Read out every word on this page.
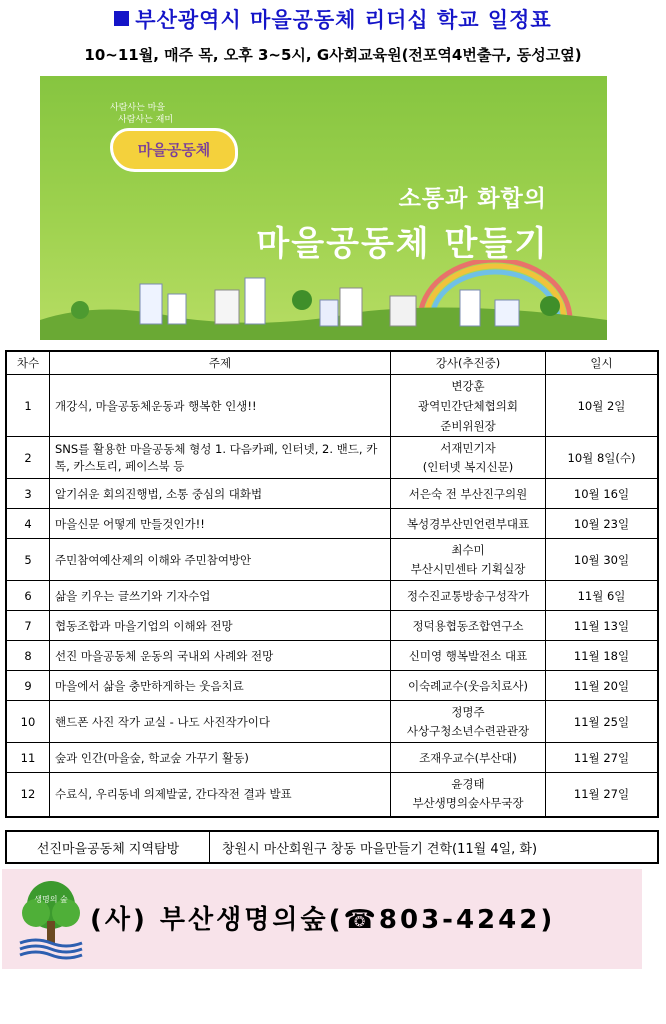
부산광역시 마을공동체 리더십 학교 일정표
10~11월, 매주 목, 오후 3~5시, G사회교육원(전포역4번출구, 동성고옆)
사람사는 마을
사람사는 재미
마을공동체
소통과 화합의
마을공동체 만들기
차수	주제	강사(추진중)	일시
1	개강식, 마을공동체운동과 행복한 인생!!	변강훈
광역민간단체협의회
준비위원장	10월 2일
2	SNS를 활용한 마을공동체 형성 1. 다음카페, 인터넷, 2. 밴드, 카톡, 카스토리, 페이스북 등	서재민기자
(인터넷 복지신문)	10월 8일(수)
3	알기쉬운 회의진행법, 소통 중심의 대화법	서은숙 전 부산진구의원	10월 16일
4	마을신문 어떻게 만들것인가!!	복성경부산민언련부대표	10월 23일
5	주민참여예산제의 이해와 주민참여방안	최수미
부산시민센타 기획실장	10월 30일
6	삶을 키우는 글쓰기와 기자수업	정수진교통방송구성작가	11월 6일
7	협동조합과 마을기업의 이해와 전망	정덕용협동조합연구소	11월 13일
8	선진 마을공동체 운동의 국내외 사례와 전망	신미영 행복발전소 대표	11월 18일
9	마을에서 삶을 충만하게하는 웃음치료	이숙례교수(웃음치료사)	11월 20일
10	핸드폰 사진 작가 교실 - 나도 사진작가이다	정명주
사상구청소년수련관관장	11월 25일
11	숲과 인간(마을숲, 학교숲 가꾸기 활동)	조재우교수(부산대)	11월 27일
12	수료식, 우리동네 의제발굴, 간다작전 결과 발표	윤경태
부산생명의숲사무국장	11월 27일
선진마을공동체 지역탐방	창원시 마산회원구 창동 마을만들기 견학(11월 4일, 화)
생명의 숲
(사) 부산생명의숲(☎803-4242)
